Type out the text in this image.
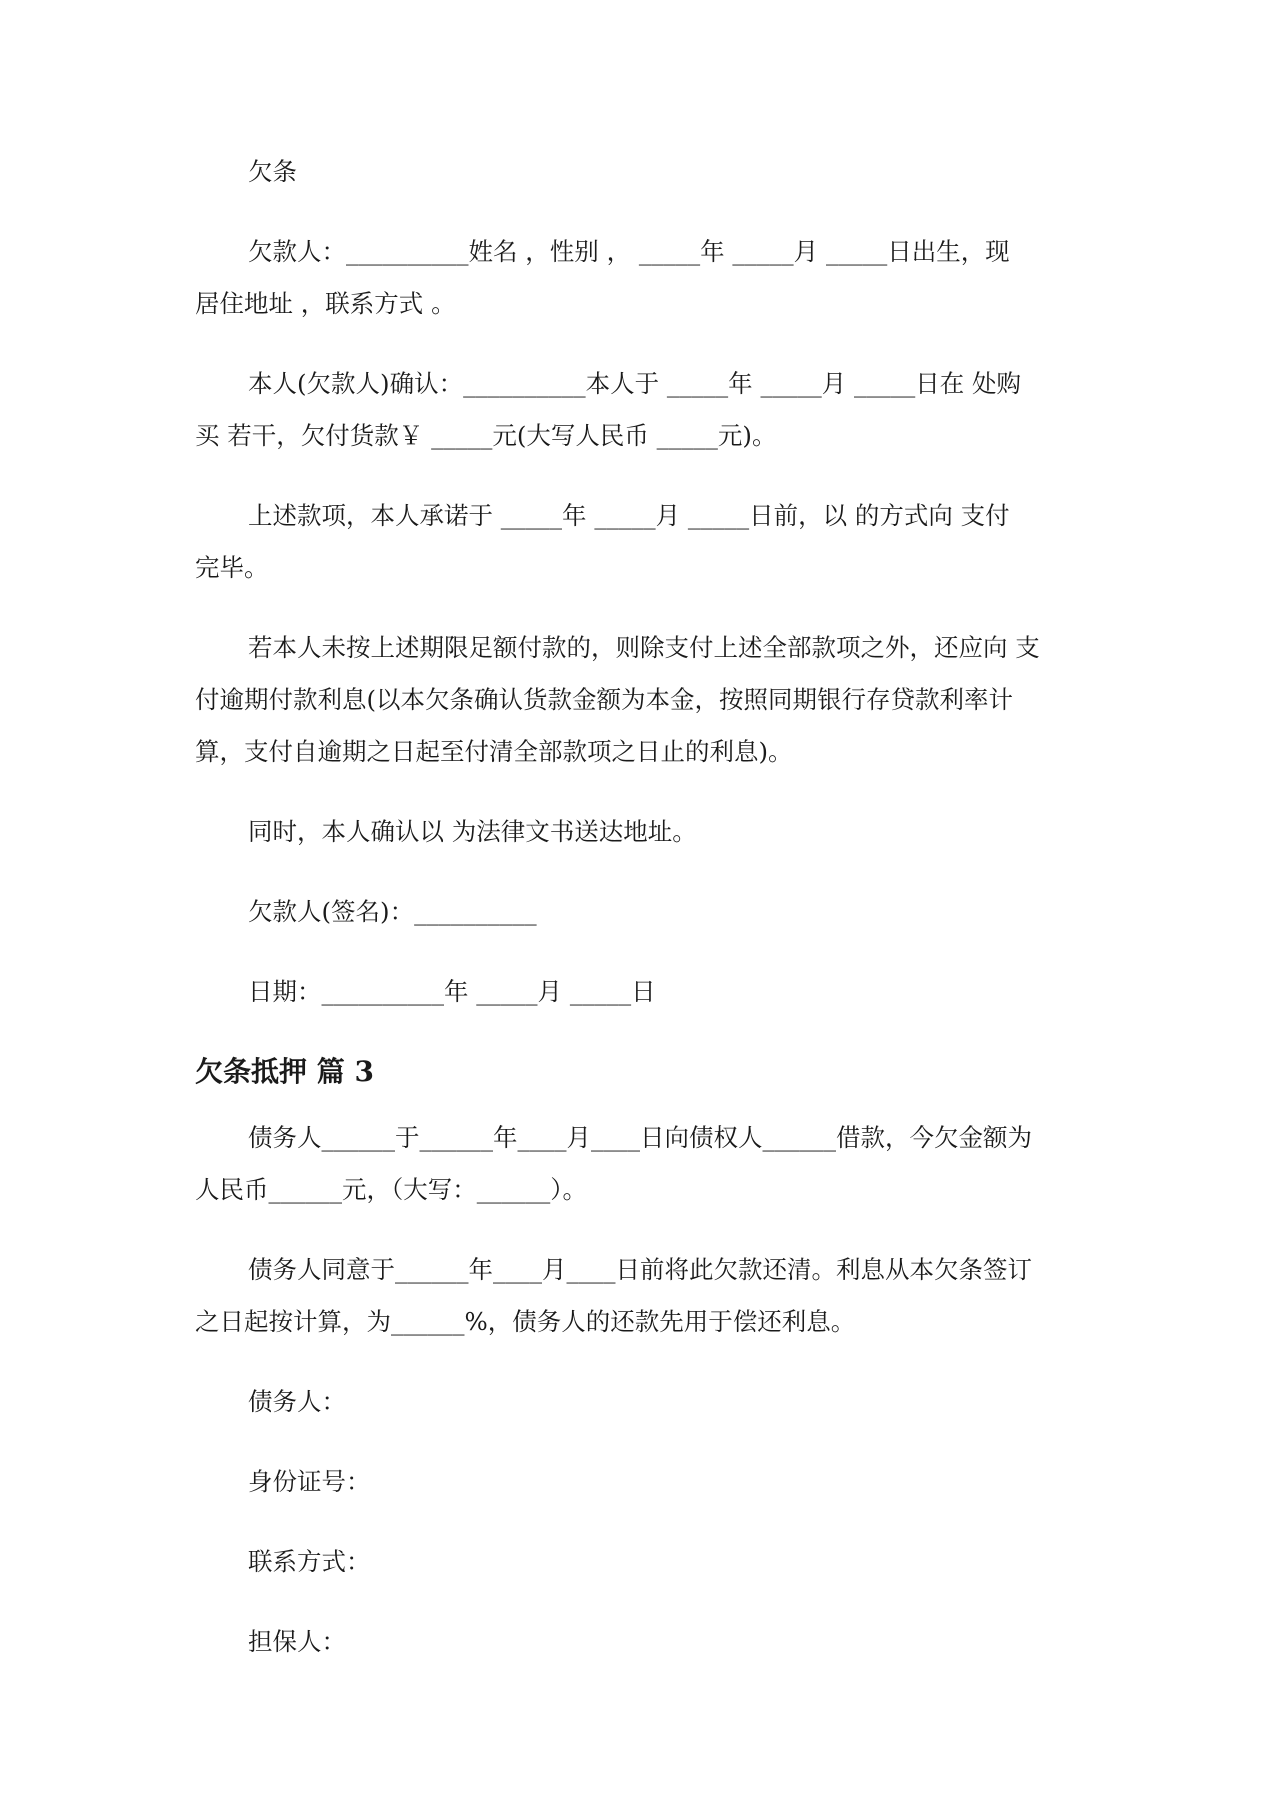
欠条
欠款人：__________姓名 ，性别 ， _____年 _____月 _____日出生，现
居住地址 ，联系方式 。
本人(欠款人)确认：__________本人于 _____年 _____月 _____日在 处购
买 若干，欠付货款￥ _____元(大写人民币 _____元)。
上述款项，本人承诺于 _____年 _____月 _____日前，以 的方式向 支付
完毕。
若本人未按上述期限足额付款的，则除支付上述全部款项之外，还应向 支
付逾期付款利息(以本欠条确认货款金额为本金，按照同期银行存贷款利率计
算，支付自逾期之日起至付清全部款项之日止的利息)。
同时，本人确认以 为法律文书送达地址。
欠款人(签名)：__________
日期：__________年 _____月 _____日
欠条抵押 篇 3
债务人______于______年____月____日向债权人______借款，今欠金额为
人民币______元，（大写：______）。
债务人同意于______年____月____日前将此欠款还清。利息从本欠条签订
之日起按计算，为______%，债务人的还款先用于偿还利息。
债务人：
身份证号：
联系方式：
担保人：
